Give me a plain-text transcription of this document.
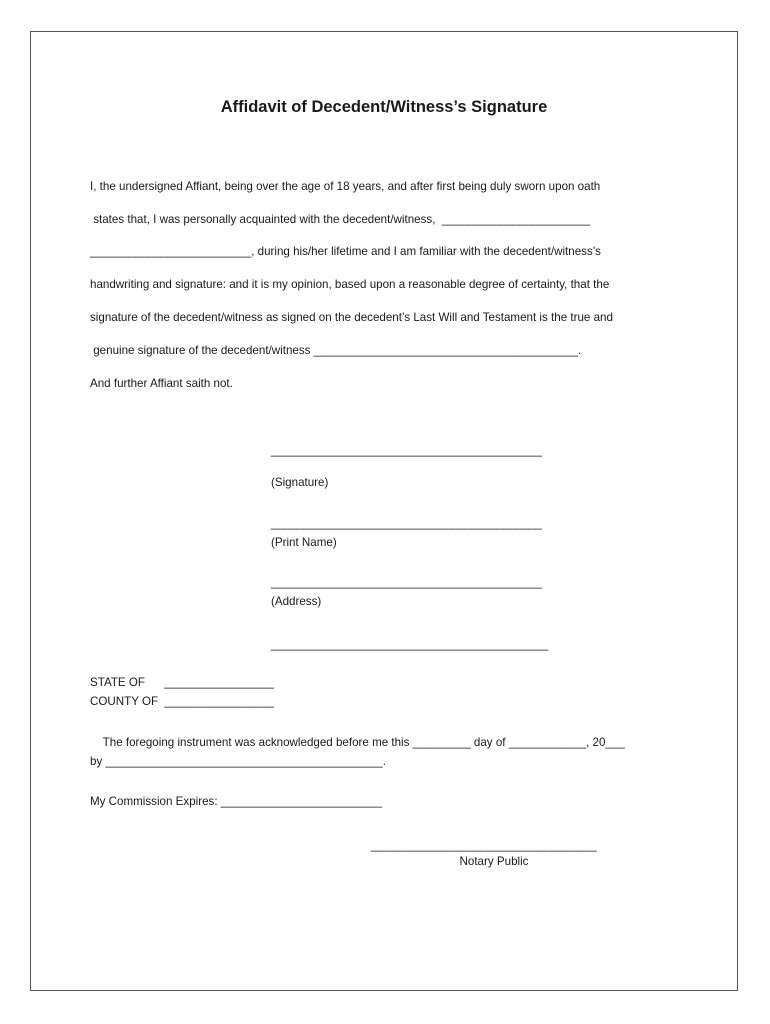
Affidavit of Decedent/Witness’s Signature
I, the undersigned Affiant, being over the age of 18 years, and after first being duly sworn upon oath
states that, I was personally acquainted with the decedent/witness,  _______________________
_________________________, during his/her lifetime and I am familiar with the decedent/witness’s
handwriting and signature: and it is my opinion, based upon a reasonable degree of certainty, that the
signature of the decedent/witness as signed on the decedent’s Last Will and Testament is the true and
genuine signature of the decedent/witness _________________________________________.
And further Affiant saith not.
__________________________________________
(Signature)
__________________________________________
(Print Name)
__________________________________________
(Address)
___________________________________________
STATE OF      _________________
COUNTY OF  _________________
The foregoing instrument was acknowledged before me this _________ day of ____________, 20___
by ___________________________________________.
My Commission Expires: _________________________
___________________________________
Notary Public
